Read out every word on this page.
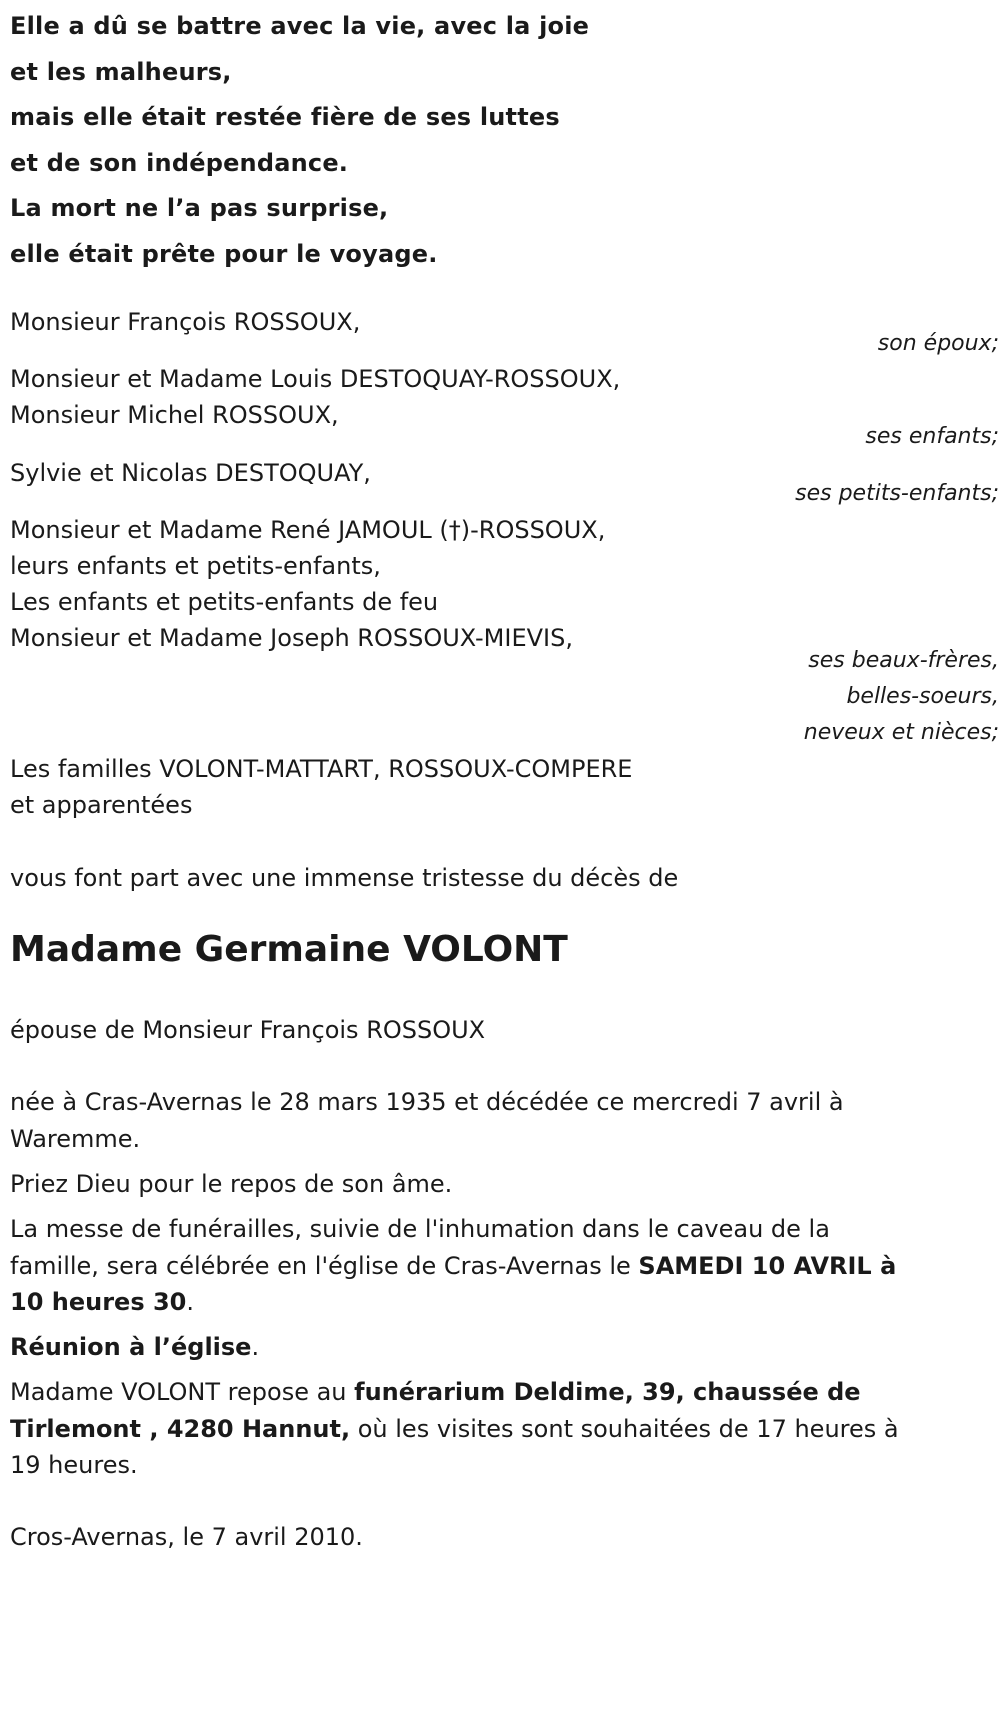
Elle a dû se battre avec la vie, avec la joie
et les malheurs,
mais elle était restée fière de ses luttes
et de son indépendance.
La mort ne l’a pas surprise,
elle était prête pour le voyage.
Monsieur François ROSSOUX,
son époux;
Monsieur et Madame Louis DESTOQUAY-ROSSOUX,
Monsieur Michel ROSSOUX,
ses enfants;
Sylvie et Nicolas DESTOQUAY,
ses petits-enfants;
Monsieur et Madame René JAMOUL (†)-ROSSOUX,
leurs enfants et petits-enfants,
Les enfants et petits-enfants de feu
Monsieur et Madame Joseph ROSSOUX-MIEVIS,
ses beaux-frères,
belles-soeurs,
neveux et nièces;
Les familles VOLONT-MATTART, ROSSOUX-COMPERE
et apparentées
vous font part avec une immense tristesse du décès de
Madame Germaine VOLONT
épouse de Monsieur François ROSSOUX
née à Cras-Avernas le 28 mars 1935 et décédée ce mercredi 7 avril à Waremme.
Priez Dieu pour le repos de son âme.
La messe de funérailles, suivie de l'inhumation dans le caveau de la famille, sera célébrée en l'église de Cras-Avernas le SAMEDI 10 AVRIL à 10 heures 30.
Réunion à l’église.
Madame VOLONT repose au funérarium Deldime, 39, chaussée de Tirlemont , 4280 Hannut, où les visites sont souhaitées de 17 heures à 19 heures.
Cros-Avernas, le 7 avril 2010.
